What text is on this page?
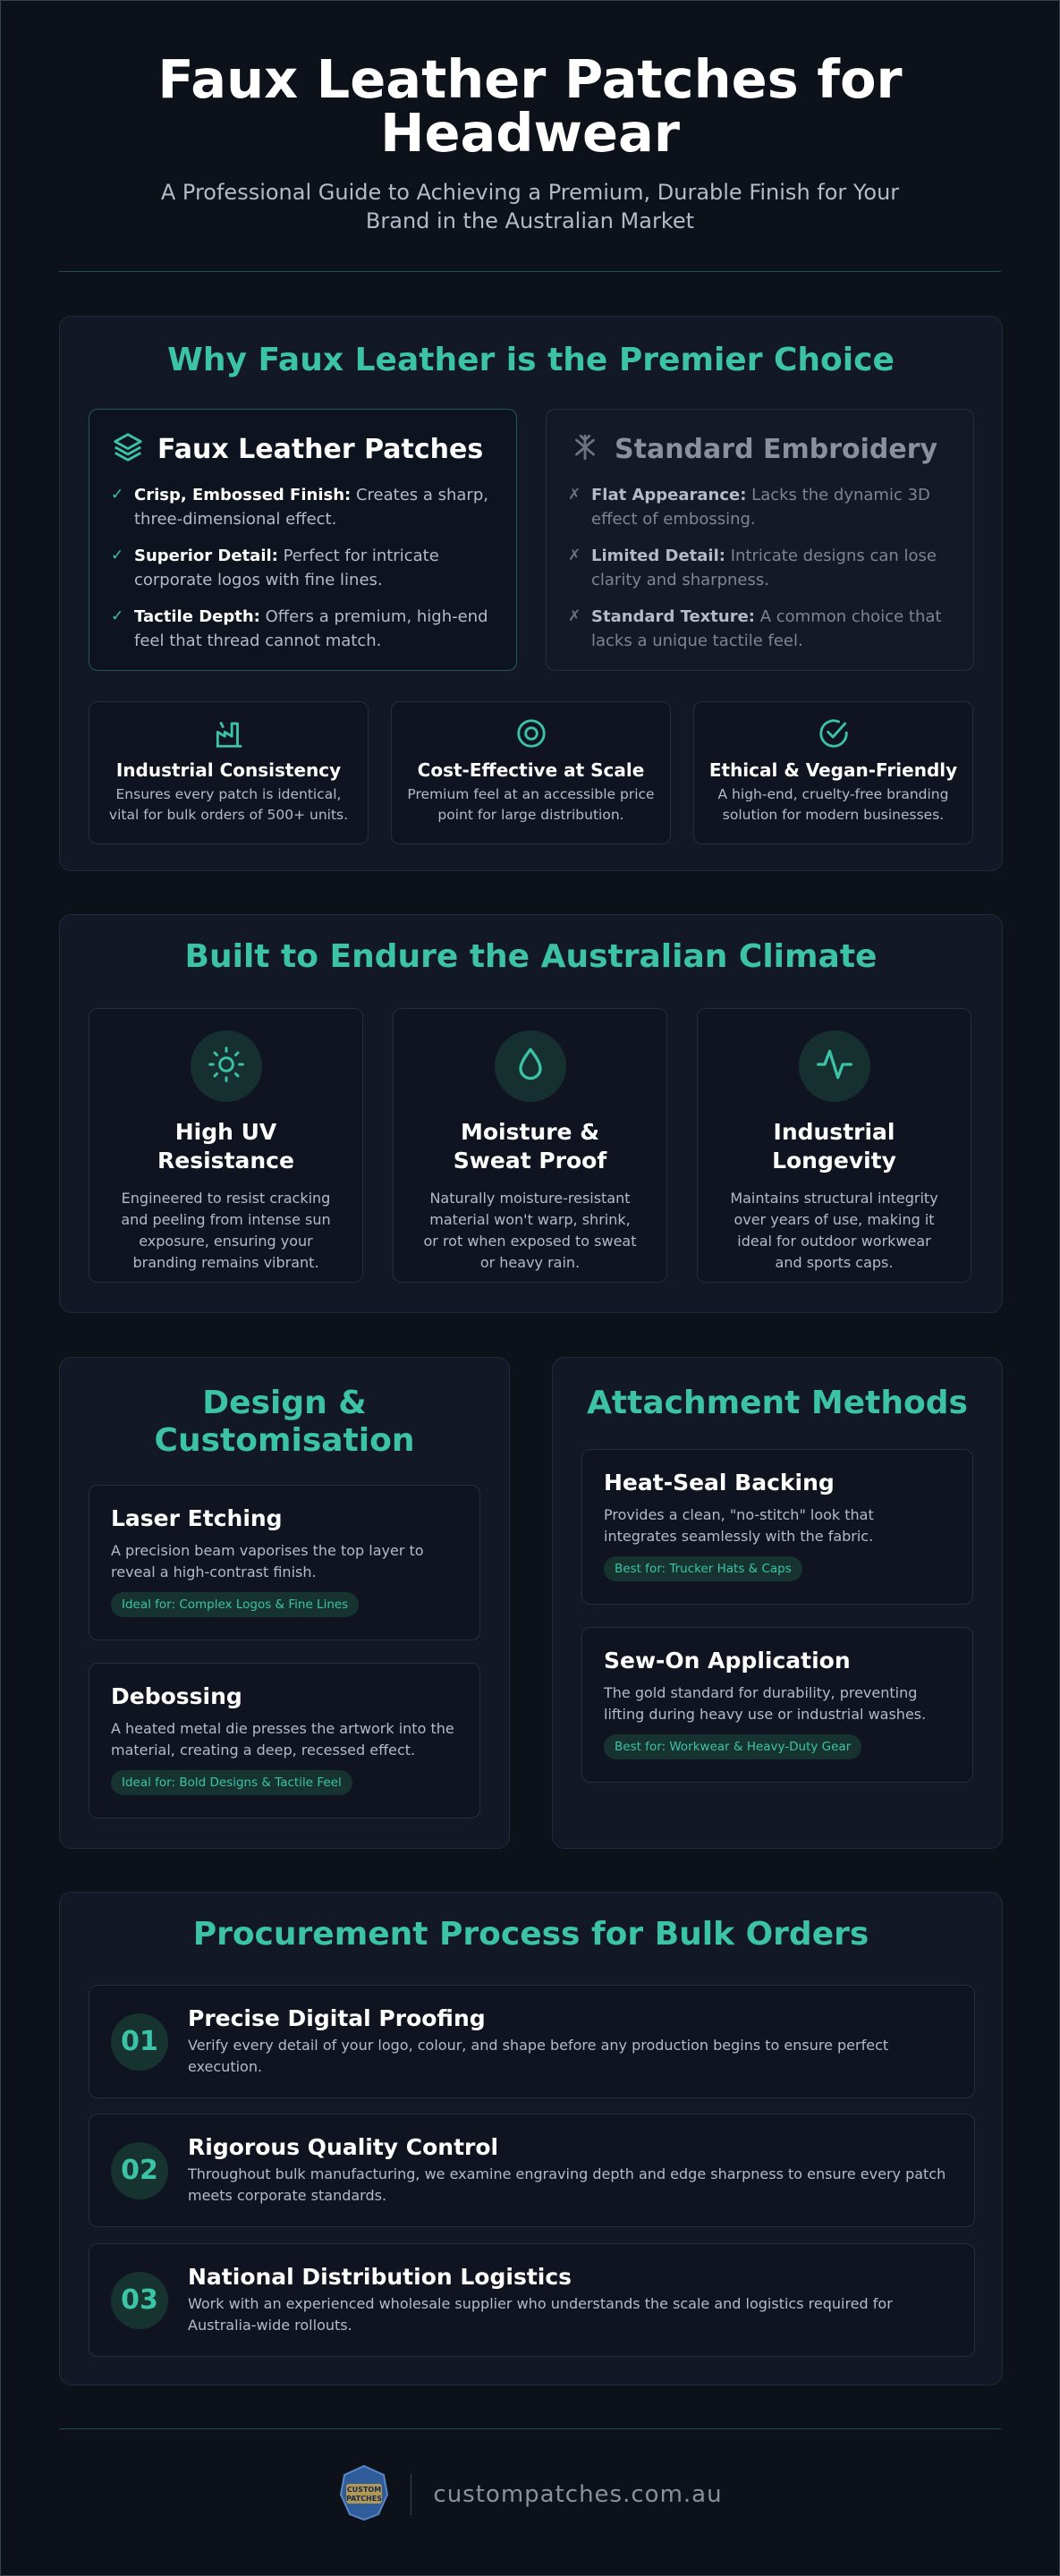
Faux Leather Patches for Headwear

A Professional Guide to Achieving a Premium, Durable Finish for Your Brand in the Australian Market

Why Faux Leather is the Premier Choice
Faux Leather Patches
✓ Crisp, Embossed Finish: Creates a sharp, three-dimensional effect.
✓ Superior Detail: Perfect for intricate corporate logos with fine lines.
✓ Tactile Depth: Offers a premium, high-end feel that thread cannot match.
Standard Embroidery
✗ Flat Appearance: Lacks the dynamic 3D effect of embossing.
✗ Limited Detail: Intricate designs can lose clarity and sharpness.
✗ Standard Texture: A common choice that lacks a unique tactile feel.
Industrial Consistency
Ensures every patch is identical, vital for bulk orders of 500+ units.
Cost-Effective at Scale
Premium feel at an accessible price point for large distribution.
Ethical & Vegan-Friendly
A high-end, cruelty-free branding solution for modern businesses.
Built to Endure the Australian Climate
High UV Resistance
Engineered to resist cracking and peeling from intense sun exposure, ensuring your branding remains vibrant.
Moisture & Sweat Proof
Naturally moisture-resistant material won't warp, shrink, or rot when exposed to sweat or heavy rain.
Industrial Longevity
Maintains structural integrity over years of use, making it ideal for outdoor workwear and sports caps.
Design & Customisation
Laser Etching
A precision beam vaporises the top layer to reveal a high-contrast finish.
Ideal for: Complex Logos & Fine Lines
Debossing
A heated metal die presses the artwork into the material, creating a deep, recessed effect.
Ideal for: Bold Designs & Tactile Feel
Attachment Methods
Heat-Seal Backing
Provides a clean, "no-stitch" look that integrates seamlessly with the fabric.
Best for: Trucker Hats & Caps
Sew-On Application
The gold standard for durability, preventing lifting during heavy use or industrial washes.
Best for: Workwear & Heavy-Duty Gear
Procurement Process for Bulk Orders
01
Precise Digital Proofing
Verify every detail of your logo, colour, and shape before any production begins to ensure perfect execution.
02
Rigorous Quality Control
Throughout bulk manufacturing, we examine engraving depth and edge sharpness to ensure every patch meets corporate standards.
03
National Distribution Logistics
Work with an experienced wholesale supplier who understands the scale and logistics required for Australia-wide rollouts.
CUSTOM
PATCHES custompatches.com.au
